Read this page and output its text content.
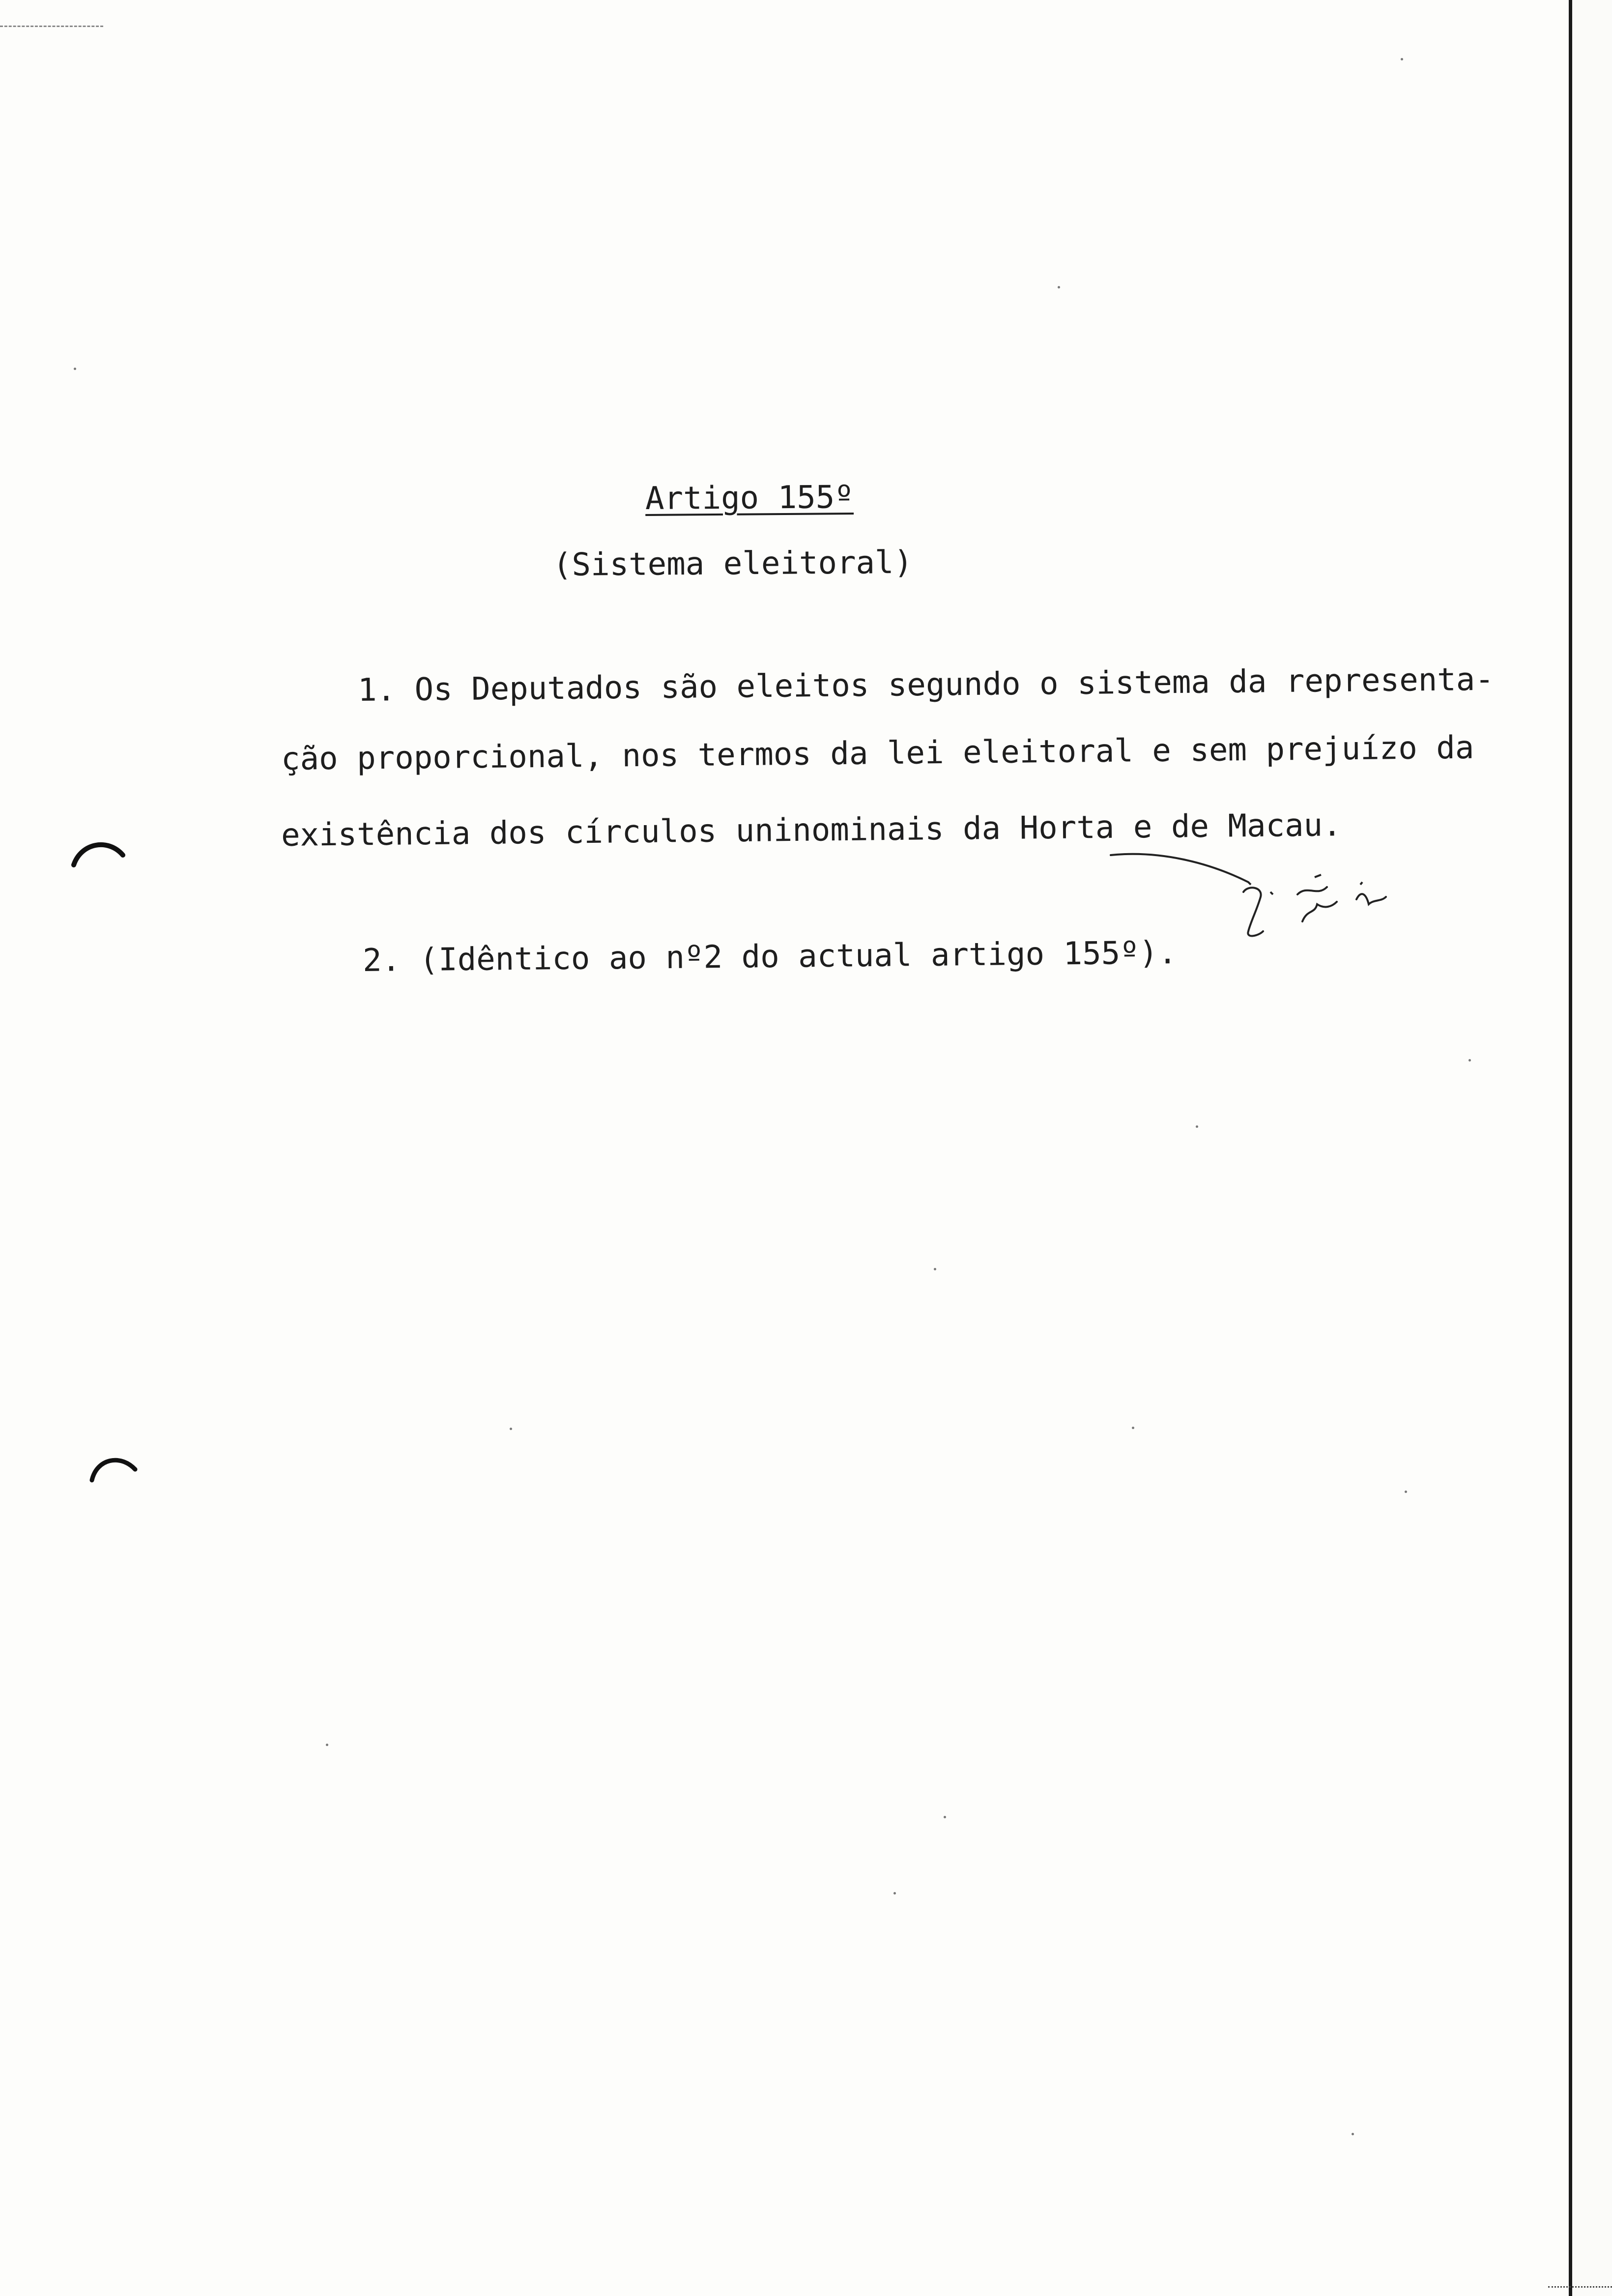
Artigo 155º
(Sistema eleitoral)
1. Os Deputados são eleitos segundo o sistema da representa-
ção proporcional, nos termos da lei eleitoral e sem prejuízo da
existência dos círculos uninominais da Horta e de Macau.
2. (Idêntico ao nº2 do actual artigo 155º).
